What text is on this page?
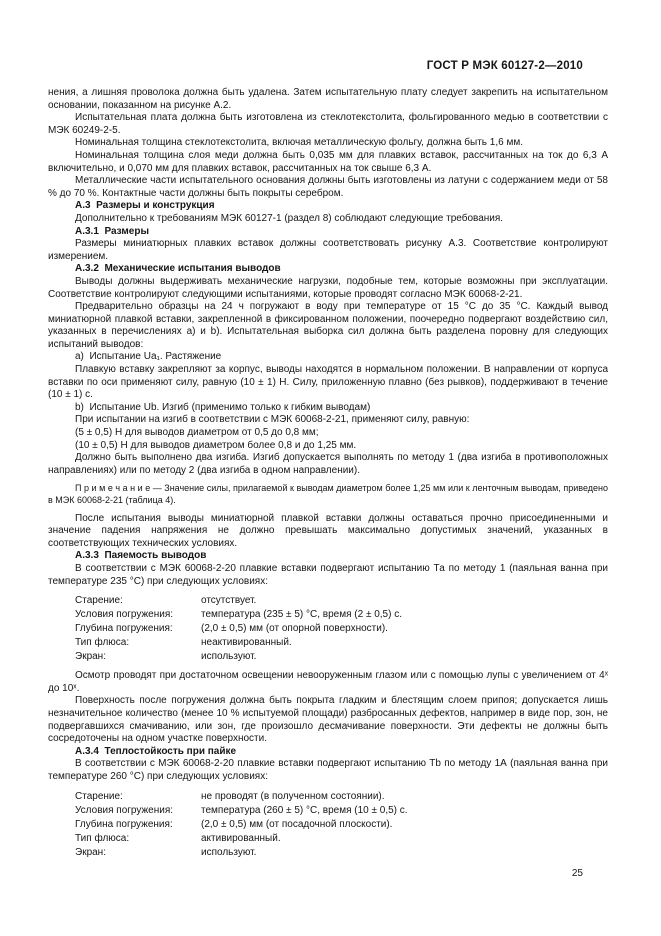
ГОСТ Р МЭК 60127-2—2010

нения, а лишняя проволока должна быть удалена. Затем испытательную плату следует закрепить на испытательном основании, показанном на рисунке А.2.

Испытательная плата должна быть изготовлена из стеклотекстолита, фольгированного медью в соответствии с МЭК 60249-2-5.

Номинальная толщина стеклотекстолита, включая металлическую фольгу, должна быть 1,6 мм.

Номинальная толщина слоя меди должна быть 0,035 мм для плавких вставок, рассчитанных на ток до 6,3 А включительно, и 0,070 мм для плавких вставок, рассчитанных на ток свыше 6,3 А.

Металлические части испытательного основания должны быть изготовлены из латуни с содержанием меди от 58 % до 70 %. Контактные части должны быть покрыты серебром.

А.3  Размеры и конструкция

Дополнительно к требованиям МЭК 60127-1 (раздел 8) соблюдают следующие требования.

А.3.1  Размеры

Размеры миниатюрных плавких вставок должны соответствовать рисунку А.3. Соответствие контролируют измерением.

А.3.2  Механические испытания выводов

Выводы должны выдерживать механические нагрузки, подобные тем, которые возможны при эксплуатации. Соответствие контролируют следующими испытаниями, которые проводят согласно МЭК 60068-2-21.

Предварительно образцы на 24 ч погружают в воду при температуре от 15 °С до 35 °С. Каждый вывод миниатюрной плавкой вставки, закрепленной в фиксированном положении, поочередно подвергают воздействию сил, указанных в перечислениях а) и b). Испытательная выборка сил должна быть разделена поровну для следующих испытаний выводов:

а)  Испытание Ua₁. Растяжение

Плавкую вставку закрепляют за корпус, выводы находятся в нормальном положении. В направлении от корпуса вставки по оси применяют силу, равную (10 ± 1) Н. Силу, приложенную плавно (без рывков), поддерживают в течение (10 ± 1) с.

b)  Испытание Ub. Изгиб (применимо только к гибким выводам)

При испытании на изгиб в соответствии с МЭК 60068-2-21, применяют силу, равную:

(5 ± 0,5) Н для выводов диаметром от 0,5 до 0,8 мм;

(10 ± 0,5) Н для выводов диаметром более 0,8 и до 1,25 мм.

Должно быть выполнено два изгиба. Изгиб допускается выполнять по методу 1 (два изгиба в противоположных направлениях) или по методу 2 (два изгиба в одном направлении).

П р и м е ч а н и е — Значение силы, прилагаемой к выводам диаметром более 1,25 мм или к ленточным выводам, приведено в МЭК 60068-2-21 (таблица 4).

После испытания выводы миниатюрной плавкой вставки должны оставаться прочно присоединенными и значение падения напряжения не должно превышать максимально допустимых значений, указанных в соответствующих технических условиях.

А.3.3  Паяемость выводов

В соответствии с МЭК 60068-2-20 плавкие вставки подвергают испытанию Та по методу 1 (паяльная ванна при температуре 235 °С) при следующих условиях:

Старение:	отсутствует.
Условия погружения:	температура (235 ± 5) °С, время (2 ± 0,5) с.
Глубина погружения:	(2,0 ± 0,5) мм (от опорной поверхности).
Тип флюса:	неактивированный.
Экран:	используют.

Осмотр проводят при достаточном освещении невооруженным глазом или с помощью лупы с увеличением от 4ˣ до 10ˣ.

Поверхность после погружения должна быть покрыта гладким и блестящим слоем припоя; допускается лишь незначительное количество (менее 10 % испытуемой площади) разбросанных дефектов, например в виде пор, зон, не подвергавшихся смачиванию, или зон, где произошло десмачивание поверхности. Эти дефекты не должны быть сосредоточены на одном участке поверхности.

А.3.4  Теплостойкость при пайке

В соответствии с МЭК 60068-2-20 плавкие вставки подвергают испытанию Tb по методу 1А (паяльная ванна при температуре 260 °С) при следующих условиях:

Старение:	не проводят (в полученном состоянии).
Условия погружения:	температура (260 ± 5) °С, время (10 ± 0,5) с.
Глубина погружения:	(2,0 ± 0,5) мм (от посадочной плоскости).
Тип флюса:	активированный.
Экран:	используют.
25
